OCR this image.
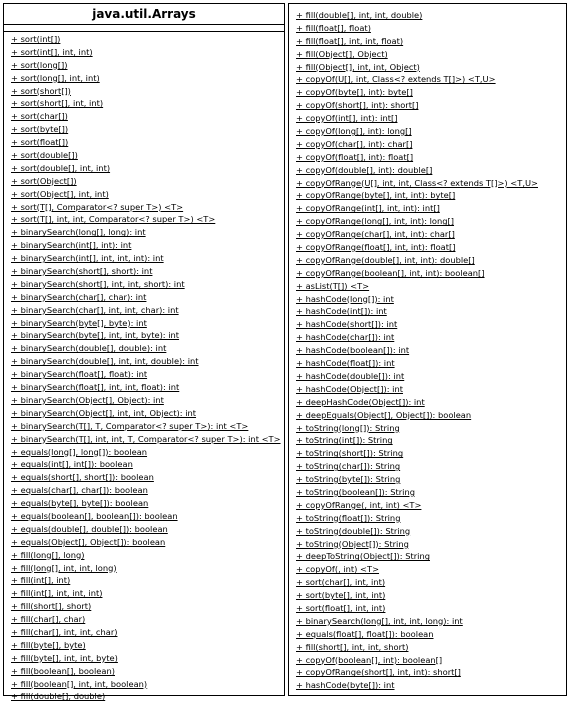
java.util.Arrays
+ sort(int[])
+ sort(int[], int, int)
+ sort(long[])
+ sort(long[], int, int)
+ sort(short[])
+ sort(short[], int, int)
+ sort(char[])
+ sort(byte[])
+ sort(float[])
+ sort(double[])
+ sort(double[], int, int)
+ sort(Object[])
+ sort(Object[], int, int)
+ sort(T[], Comparator<? super T>) <T>
+ sort(T[], int, int, Comparator<? super T>) <T>
+ binarySearch(long[], long): int
+ binarySearch(int[], int): int
+ binarySearch(int[], int, int, int): int
+ binarySearch(short[], short): int
+ binarySearch(short[], int, int, short): int
+ binarySearch(char[], char): int
+ binarySearch(char[], int, int, char): int
+ binarySearch(byte[], byte): int
+ binarySearch(byte[], int, int, byte): int
+ binarySearch(double[], double): int
+ binarySearch(double[], int, int, double): int
+ binarySearch(float[], float): int
+ binarySearch(float[], int, int, float): int
+ binarySearch(Object[], Object): int
+ binarySearch(Object[], int, int, Object): int
+ binarySearch(T[], T, Comparator<? super T>): int <T>
+ binarySearch(T[], int, int, T, Comparator<? super T>): int <T>
+ equals(long[], long[]): boolean
+ equals(int[], int[]): boolean
+ equals(short[], short[]): boolean
+ equals(char[], char[]): boolean
+ equals(byte[], byte[]): boolean
+ equals(boolean[], boolean[]): boolean
+ equals(double[], double[]): boolean
+ equals(Object[], Object[]): boolean
+ fill(long[], long)
+ fill(long[], int, int, long)
+ fill(int[], int)
+ fill(int[], int, int, int)
+ fill(short[], short)
+ fill(char[], char)
+ fill(char[], int, int, char)
+ fill(byte[], byte)
+ fill(byte[], int, int, byte)
+ fill(boolean[], boolean)
+ fill(boolean[], int, int, boolean)
+ fill(double[], double)
+ fill(double[], int, int, double)
+ fill(float[], float)
+ fill(float[], int, int, float)
+ fill(Object[], Object)
+ fill(Object[], int, int, Object)
+ copyOf(U[], int, Class<? extends T[]>) <T,U>
+ copyOf(byte[], int): byte[]
+ copyOf(short[], int): short[]
+ copyOf(int[], int): int[]
+ copyOf(long[], int): long[]
+ copyOf(char[], int): char[]
+ copyOf(float[], int): float[]
+ copyOf(double[], int): double[]
+ copyOfRange(U[], int, int, Class<? extends T[]>) <T,U>
+ copyOfRange(byte[], int, int): byte[]
+ copyOfRange(int[], int, int): int[]
+ copyOfRange(long[], int, int): long[]
+ copyOfRange(char[], int, int): char[]
+ copyOfRange(float[], int, int): float[]
+ copyOfRange(double[], int, int): double[]
+ copyOfRange(boolean[], int, int): boolean[]
+ asList(T[]) <T>
+ hashCode(long[]): int
+ hashCode(int[]): int
+ hashCode(short[]): int
+ hashCode(char[]): int
+ hashCode(boolean[]): int
+ hashCode(float[]): int
+ hashCode(double[]): int
+ hashCode(Object[]): int
+ deepHashCode(Object[]): int
+ deepEquals(Object[], Object[]): boolean
+ toString(long[]): String
+ toString(int[]): String
+ toString(short[]): String
+ toString(char[]): String
+ toString(byte[]): String
+ toString(boolean[]): String
+ copyOfRange(, int, int) <T>
+ toString(float[]): String
+ toString(double[]): String
+ toString(Object[]): String
+ deepToString(Object[]): String
+ copyOf(, int) <T>
+ sort(char[], int, int)
+ sort(byte[], int, int)
+ sort(float[], int, int)
+ binarySearch(long[], int, int, long): int
+ equals(float[], float[]): boolean
+ fill(short[], int, int, short)
+ copyOf(boolean[], int): boolean[]
+ copyOfRange(short[], int, int): short[]
+ hashCode(byte[]): int
